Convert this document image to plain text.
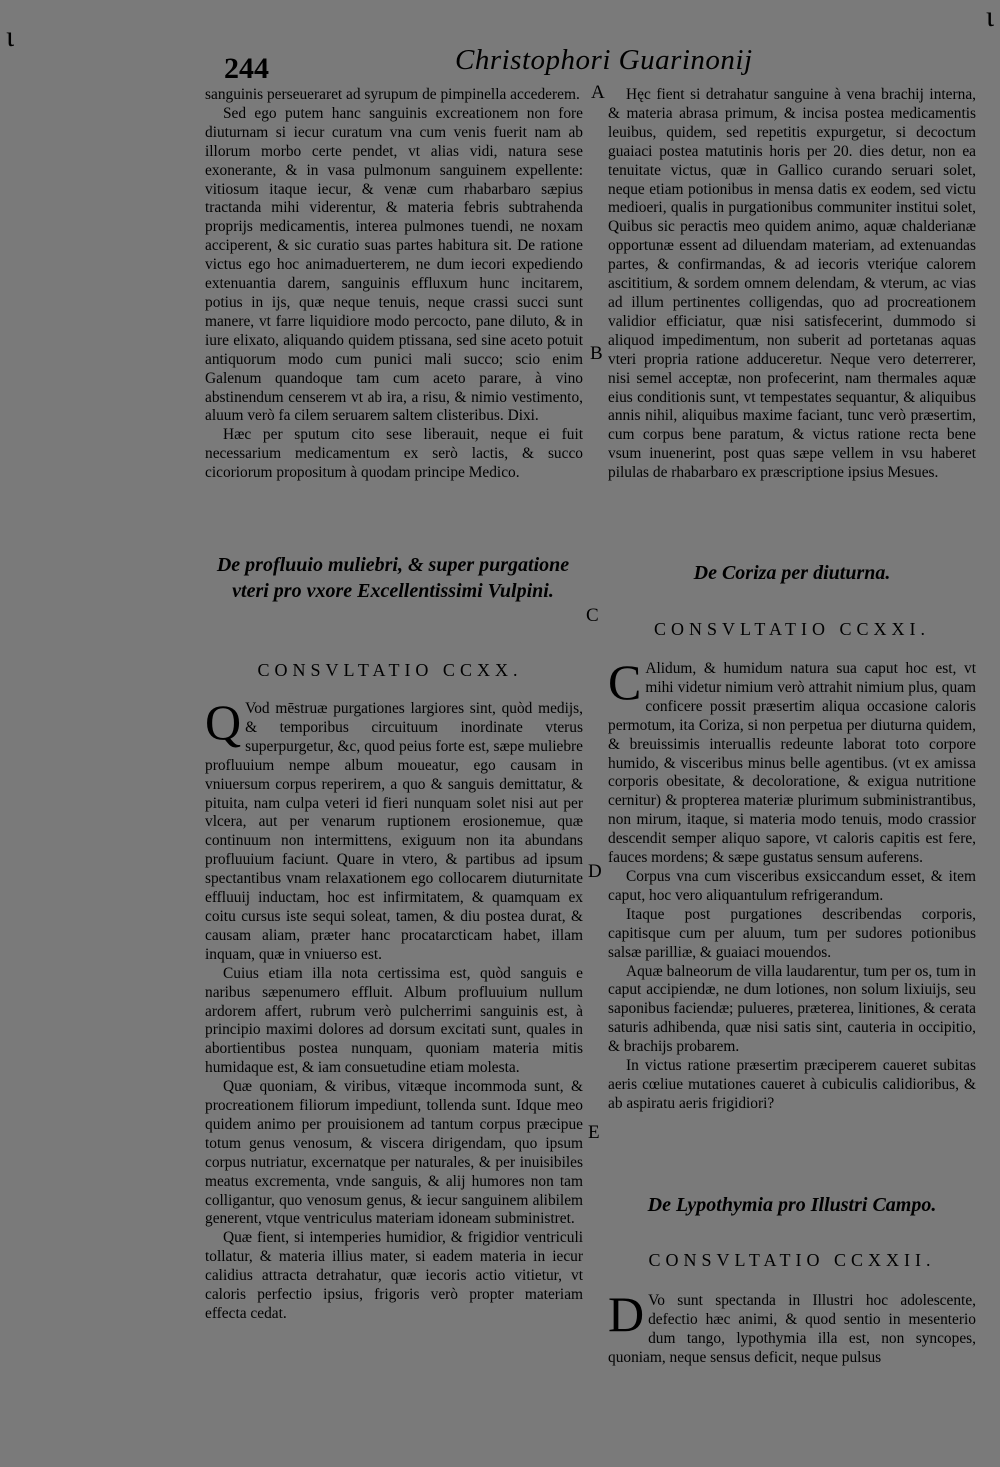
ɩ
ɩ
244	Christophori Guarinonij
A
B
C
D
E

sanguinis perseueraret ad syrupum de pimpinella accederem.

Sed ego putem hanc sanguinis excreationem non fore diuturnam si iecur curatum vna cum venis fuerit nam ab illorum morbo certe pendet, vt alias vidi, natura sese exonerante, & in vasa pulmonum sanguinem expellente: vitiosum itaque iecur, & venæ cum rhabarbaro sæpius tractanda mihi viderentur, & materia febris subtrahenda proprijs medicamentis, interea pulmones tuendi, ne noxam acciperent, & sic curatio suas partes habitura sit. De ratione victus ego hoc animaduerterem, ne dum iecori expediendo extenuantia darem, sanguinis effluxum hunc incitarem, potius in ijs, quæ neque tenuis, neque crassi succi sunt manere, vt farre liquidiore modo percocto, pane diluto, & in iure elixato, aliquando quidem ptissana, sed sine aceto potuit antiquorum modo cum punici mali succo; scio enim Galenum quandoque tam cum aceto parare, à vino abstinendum censerem vt ab ira, a risu, & nimio vestimento, aluum verò fa cilem seruarem saltem clisteribus. Dixi.

Hæc per sputum cito sese liberauit, neque ei fuit necessarium medicamentum ex serò lactis, & succo cicoriorum propositum à quodam principe Medico.

De profluuio muliebri, & super purgatione vteri pro vxore Excellentissimi Vulpini.
CONSVLTATIO CCXX.

Q Vod mēstruæ purgationes largiores sint, quòd medijs, & temporibus circuituum inordinate vterus superpurgetur, &c, quod peius forte est, sæpe muliebre profluuium nempe album moueatur, ego causam in vniuersum corpus reperirem, a quo & sanguis demittatur, & pituita, nam culpa veteri id fieri nunquam solet nisi aut per vlcera, aut per venarum ruptionem erosionemue, quæ continuum non intermittens, exiguum non ita abundans profluuium faciunt. Quare in vtero, & partibus ad ipsum spectantibus vnam relaxationem ego collocarem diuturnitate effluuij inductam, hoc est infirmitatem, & quamquam ex coitu cursus iste sequi soleat, tamen, & diu postea durat, & causam aliam, præter hanc procatarcticam habet, illam inquam, quæ in vniuerso est.

Cuius etiam illa nota certissima est, quòd sanguis e naribus sæpenumero effluit. Album profluuium nullum ardorem affert, rubrum verò pulcherrimi sanguinis est, à principio maximi dolores ad dorsum excitati sunt, quales in abortientibus postea nunquam, quoniam materia mitis humidaque est, & iam consuetudine etiam molesta.

Quæ quoniam, & viribus, vitæque incommoda sunt, & procreationem filiorum impediunt, tollenda sunt. Idque meo quidem animo per prouisionem ad tantum corpus præcipue totum genus venosum, & viscera dirigendam, quo ipsum corpus nutriatur, excernatque per naturales, & per inuisibiles meatus excrementa, vnde sanguis, & alij humores non tam colligantur, quo venosum genus, & iecur sanguinem alibilem generent, vtque ventriculus materiam idoneam subministret.

Quæ fient, si intemperies humidior, & frigidior ventriculi tollatur, & materia illius mater, si eadem materia in iecur calidius attracta detrahatur, quæ iecoris actio vitietur, vt caloris perfectio ipsius, frigoris verò propter materiam effecta cedat.

Hęc fient si detrahatur sanguine à vena brachij interna, & materia abrasa primum, & incisa postea medicamentis leuibus, quidem, sed repetitis expurgetur, si decoctum guaiaci postea matutinis horis per 20. dies detur, non ea tenuitate victus, quæ in Gallico curando seruari solet, neque etiam potionibus in mensa datis ex eodem, sed victu medioeri, qualis in purgationibus communiter institui solet, Quibus sic peractis meo quidem animo, aquæ chalderianæ opportunæ essent ad diluendam materiam, ad extenuandas partes, & confirmandas, & ad iecoris vteriq́ue calorem ascititium, & sordem omnem delendam, & vterum, ac vias ad illum pertinentes colligendas, quo ad procreationem validior efficiatur, quæ nisi satisfecerint, dummodo si aliquod impedimentum, non suberit ad portetanas aquas vteri propria ratione adduceretur. Neque vero deterrerer, nisi semel acceptæ, non profecerint, nam thermales aquæ eius conditionis sunt, vt tempestates sequantur, & aliquibus annis nihil, aliquibus maxime faciant, tunc verò præsertim, cum corpus bene paratum, & victus ratione recta bene vsum inuenerint, post quas sæpe vellem in vsu haberet pilulas de rhabarbaro ex præscriptione ipsius Mesues.

De Coriza per diuturna.
CONSVLTATIO CCXXI.

C Alidum, & humidum natura sua caput hoc est, vt mihi videtur nimium verò attrahit nimium plus, quam conficere possit præsertim aliqua occasione caloris permotum, ita Coriza, si non perpetua per diuturna quidem, & breuissimis interuallis redeunte laborat toto corpore humido, & visceribus minus belle agentibus. (vt ex amissa corporis obesitate, & decoloratione, & exigua nutritione cernitur) & propterea materiæ plurimum subministrantibus, non mirum, itaque, si materia modo tenuis, modo crassior descendit semper aliquo sapore, vt caloris capitis est fere, fauces mordens; & sæpe gustatus sensum auferens.

Corpus vna cum visceribus exsiccandum esset, & item caput, hoc vero aliquantulum refrigerandum.

Itaque post purgationes describendas corporis, capitisque cum per aluum, tum per sudores potionibus salsæ parilliæ, & guaiaci mouendos.

Aquæ balneorum de villa laudarentur, tum per os, tum in caput accipiendæ, ne dum lotiones, non solum lixiuijs, seu saponibus faciendæ; pulueres, præterea, linitiones, & cerata saturis adhibenda, quæ nisi satis sint, cauteria in occipitio, & brachijs probarem.

In victus ratione præsertim præciperem caueret subitas aeris cœliue mutationes caueret à cubiculis calidioribus, & ab aspiratu aeris frigidiori?

De Lypothymia pro Illustri Campo.
CONSVLTATIO CCXXII.

D Vo sunt spectanda in Illustri hoc adolescente, defectio hæc animi, & quod sentio in mesenterio dum tango, lypothymia illa est, non syncopes, quoniam, neque sensus deficit, neque pulsus
